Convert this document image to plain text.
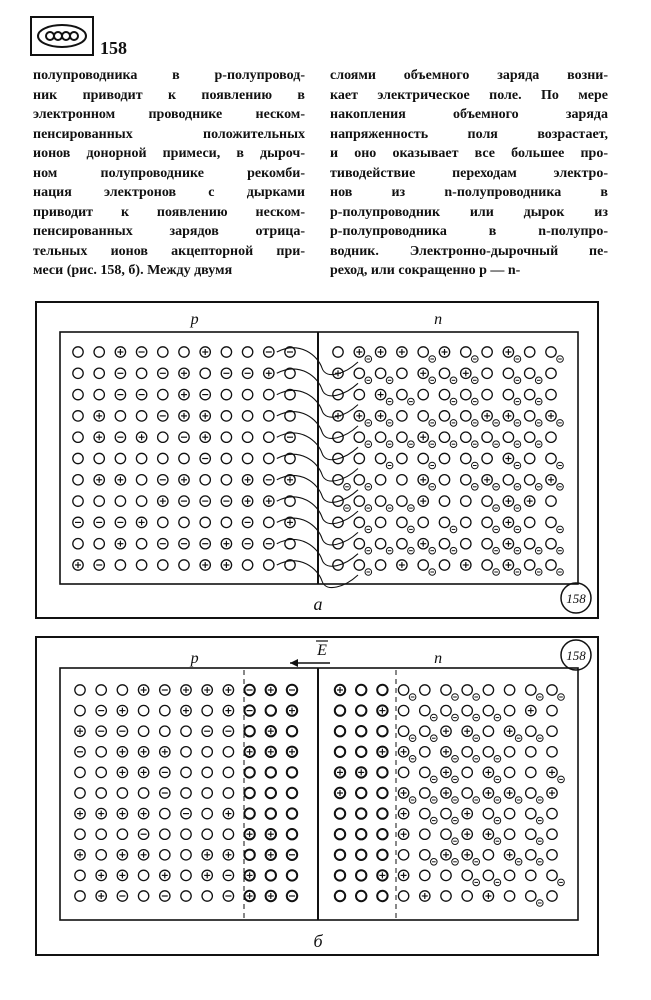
158
полупроводника в p-полупровод-
ник приводит к появлению в
электронном проводнике неском-
пенсированных положительных
ионов донорной примеси, в дыроч-
ном полупроводнике рекомби-
нация электронов с дырками
приводит к появлению неском-
пенсированных зарядов отрица-
тельных ионов акцепторной при-
меси (рис. 158, б). Между двумя
слоями объемного заряда возни-
кает электрическое поле. По мере
накопления объемного заряда
напряженность поля возрастает,
и оно оказывает все большее про-
тиводействие переходам электро-
нов из n-полупроводника в
p-полупроводник или дырок из
p-полупроводника в n-полупро-
водник. Электронно-дырочный пе-
реход, или сокращенно p — n-
p	n
а	158
p	n
б
158
E
